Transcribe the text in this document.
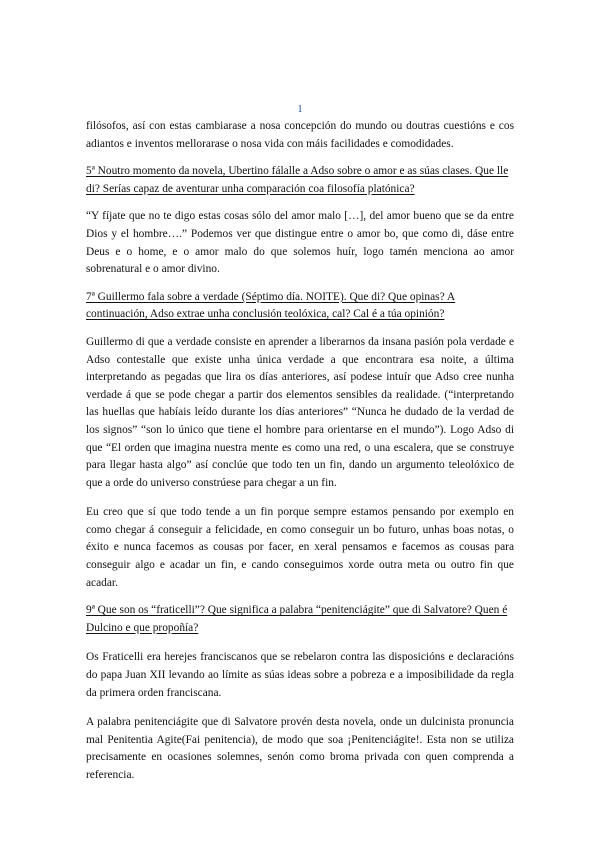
1

filósofos, así con estas cambiarase a nosa concepción do mundo ou doutras cuestións e cos adiantos e inventos mellorarase o nosa vida con máis facilidades e comodidades.

5ª Noutro momento da novela, Ubertino fálalle a Adso sobre o amor e as súas clases. Que lle di? Serías capaz de aventurar unha comparación coa filosofía platónica?

“Y fíjate que no te digo estas cosas sólo del amor malo […], del amor bueno que se da entre Dios y el hombre….” Podemos ver que distingue entre o amor bo, que como di, dáse entre Deus e o home, e o amor malo do que solemos huír, logo tamén menciona ao amor sobrenatural e o amor divino.

7ª Guillermo fala sobre a verdade (Séptimo día. NOITE). Que di? Que opinas? A continuación, Adso extrae unha conclusión teolóxica, cal? Cal é a túa opinión?

Guillermo di que a verdade consiste en aprender a liberarnos da insana pasión pola verdade e Adso contestalle que existe unha única verdade a que encontrara esa noite, a última interpretando as pegadas que lira os días anteriores, así podese intuír que Adso cree nunha verdade á que se pode chegar a partir dos elementos sensibles da realidade. (“interpretando las huellas que habíais leído durante los días anteriores” “Nunca he dudado de la verdad de los signos” “son lo único que tiene el hombre para orientarse en el mundo”). Logo Adso di que “El orden que imagina nuestra mente es como una red, o una escalera, que se construye para llegar hasta algo” así conclúe que todo ten un fin, dando un argumento teleolóxico de que a orde do universo constrúese para chegar a un fin.

Eu creo que sí que todo tende a un fin porque sempre estamos pensando por exemplo en como chegar á conseguir a felicidade, en como conseguir un bo futuro, unhas boas notas, o éxito e nunca facemos as cousas por facer, en xeral pensamos e facemos as cousas para conseguir algo e acadar un fin, e cando conseguimos xorde outra meta ou outro fin que acadar.

9ª Que son os “fraticelli”? Que significa a palabra “penitenciágite” que di Salvatore? Quen é Dulcino e que propoñía?

Os Fraticelli era herejes franciscanos que se rebelaron contra las disposicións e declaracións do papa Juan XII levando ao límite as súas ideas sobre a pobreza e a imposibilidade da regla da primera orden franciscana.

A palabra penitenciágite que di Salvatore provén desta novela, onde un dulcinista pronuncia mal Penitentia Agite(Fai penitencia), de modo que soa ¡Penitenciágite!. Esta non se utiliza precisamente en ocasiones solemnes, senón como broma privada con quen comprenda a referencia.
